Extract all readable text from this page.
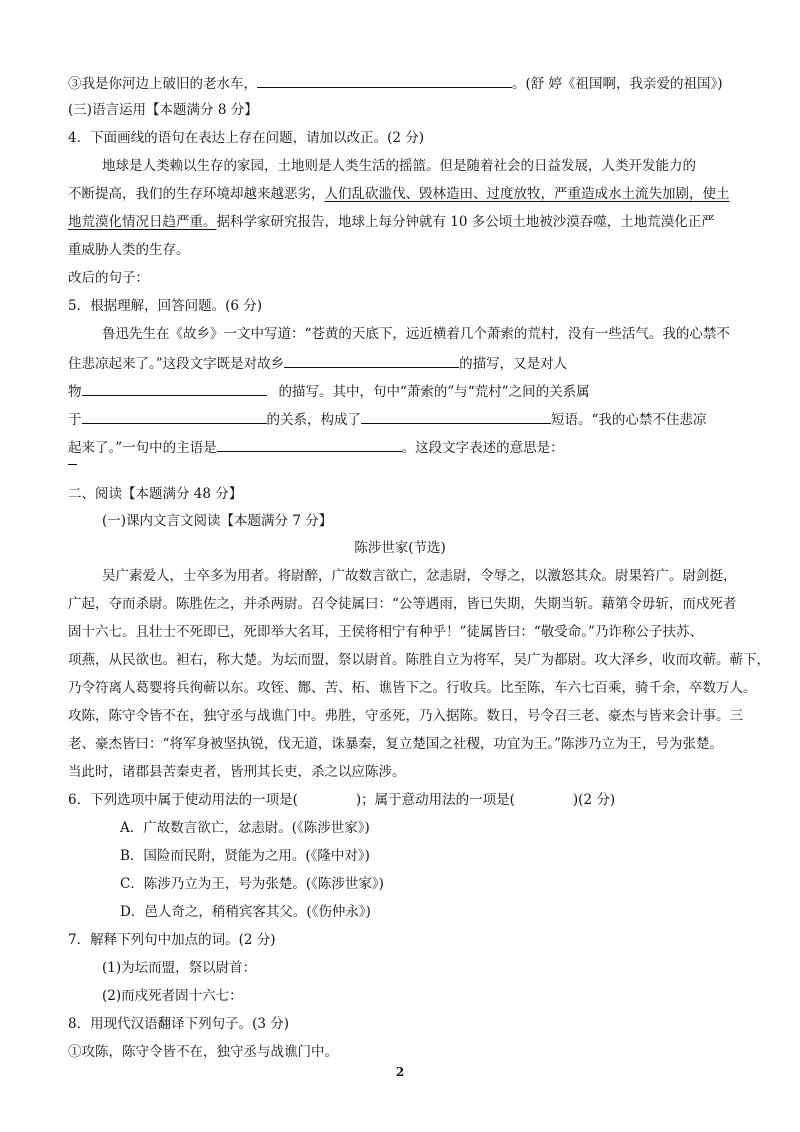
③我是你河边上破旧的老水车，	。(舒 婷《祖国啊，我亲爱的祖国》)
(三)语言运用【本题满分 8 分】
4．下面画线的语句在表达上存在问题，请加以改正。(2 分)
地球是人类赖以生存的家园，土地则是人类生活的摇篮。但是随着社会的日益发展，人类开发能力的
不断提高，我们的生存环境却越来越恶劣，人们乱砍滥伐、毁林造田、过度放牧，严重造成水土流失加剧，使土
地荒漠化情况日趋严重。据科学家研究报告，地球上每分钟就有 10 多公顷土地被沙漠吞噬，土地荒漠化正严
重威胁人类的生存。
改后的句子：
5．根据理解，回答问题。(6 分)
鲁迅先生在《故乡》一文中写道：“苍黄的天底下，远近横着几个萧索的荒村，没有一些活气。我的心禁不
住悲凉起来了。”这段文字既是对故乡	的描写，又是对人
物	的描写。其中，句中“萧索的”与“荒村”之间的关系属
于	的关系，构成了	短语。“我的心禁不住悲凉
起来了。”一句中的主语是	。这段文字表述的意思是：
二、阅读【本题满分 48 分】
(一)课内文言文阅读【本题满分 7 分】
陈涉世家(节选)
吴广素爱人，士卒多为用者。将尉醉，广故数言欲亡，忿恚尉，令辱之，以激怒其众。尉果笞广。尉剑挺，
广起，夺而杀尉。陈胜佐之，并杀两尉。召令徒属曰：“公等遇雨，皆已失期，失期当斩。藉第令毋斩，而戍死者
固十六七。且壮士不死即已，死即举大名耳，王侯将相宁有种乎！”徒属皆曰：“敬受命。”乃诈称公子扶苏、
项燕，从民欲也。袒右，称大楚。为坛而盟，祭以尉首。陈胜自立为将军，吴广为都尉。攻大泽乡，收而攻蕲。蕲下，
乃令符离人葛婴将兵徇蕲以东。攻铚、酂、苦、柘、谯皆下之。行收兵。比至陈，车六七百乘，骑千余，卒数万人。
攻陈，陈守令皆不在，独守丞与战谯门中。弗胜，守丞死，乃入据陈。数日，号令召三老、豪杰与皆来会计事。三
老、豪杰皆曰：“将军身被坚执锐，伐无道，诛暴秦，复立楚国之社稷，功宜为王。”陈涉乃立为王，号为张楚。
当此时，诸郡县苦秦吏者，皆刑其长吏，杀之以应陈涉。
6．下列选项中属于使动用法的一项是(	)；属于意动用法的一项是(	)(2 分)
A．广故数言欲亡，忿恚尉。(《陈涉世家》)
B．国险而民附，贤能为之用。(《隆中对》)
C．陈涉乃立为王，号为张楚。(《陈涉世家》)
D．邑人奇之，稍稍宾客其父。(《伤仲永》)
7．解释下列句中加点的词。(2 分)
(1)为坛而盟，祭以尉首：
(2)而戍死者固十六七：
8．用现代汉语翻译下列句子。(3 分)
①攻陈，陈守令皆不在，独守丞与战谯门中。
2
